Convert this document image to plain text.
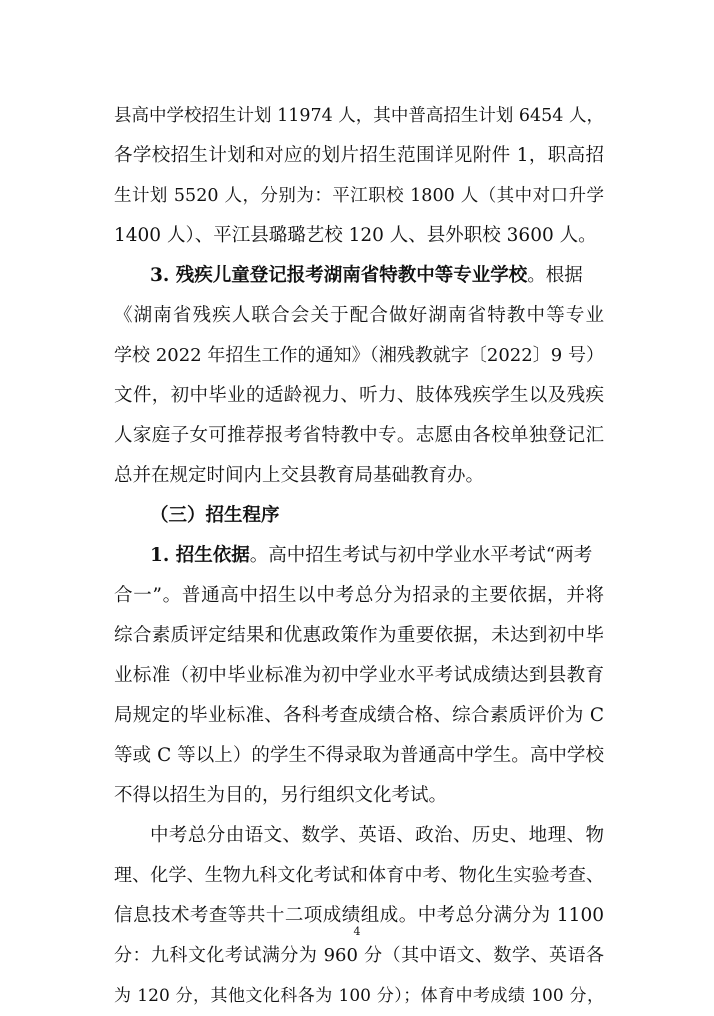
县高中学校招生计划 11974 人，其中普高招生计划 6454 人，
各学校招生计划和对应的划片招生范围详见附件 1，职高招
生计划 5520 人，分别为：平江职校 1800 人（其中对口升学
1400 人）、平江县璐璐艺校 120 人、县外职校 3600 人。
3. 残疾儿童登记报考湖南省特教中等专业学校。根据
《湖南省残疾人联合会关于配合做好湖南省特教中等专业
学校 2022 年招生工作的通知》（湘残教就字〔2022〕9 号）
文件，初中毕业的适龄视力、听力、肢体残疾学生以及残疾
人家庭子女可推荐报考省特教中专。志愿由各校单独登记汇
总并在规定时间内上交县教育局基础教育办。
（三）招生程序
1. 招生依据。高中招生考试与初中学业水平考试“两考
合一”。普通高中招生以中考总分为招录的主要依据，并将
综合素质评定结果和优惠政策作为重要依据，未达到初中毕
业标准（初中毕业标准为初中学业水平考试成绩达到县教育
局规定的毕业标准、各科考查成绩合格、综合素质评价为 C
等或 C 等以上）的学生不得录取为普通高中学生。高中学校
不得以招生为目的，另行组织文化考试。
中考总分由语文、数学、英语、政治、历史、地理、物
理、化学、生物九科文化考试和体育中考、物化生实验考查、
信息技术考查等共十二项成绩组成。中考总分满分为 1100
分：九科文化考试满分为 960 分（其中语文、数学、英语各
为 120 分，其他文化科各为 100 分）；体育中考成绩 100 分，
4
